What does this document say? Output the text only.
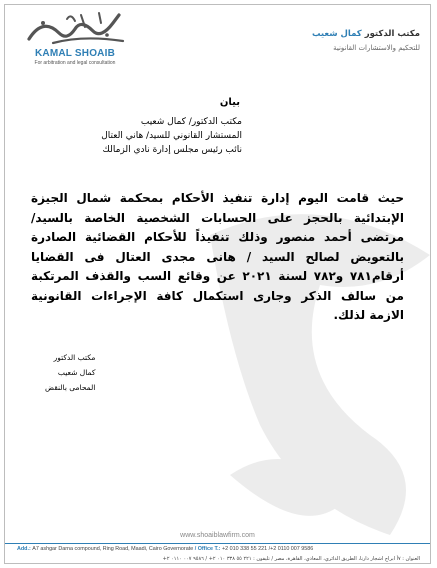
KAMAL SHOAIB
For arbitration and legal consultation
مكتب الدكتور كمال شعيب
للتحكيم والاستشارات القانونية
بيان
مكتب الدكتور/ كمال شعيب
المستشار القانوني للسيد/ هاني العتال
نائب رئيس مجلس إدارة نادي الزمالك
حيث قامت اليوم إدارة تنفيذ الأحكام بمحكمة شمال الجيزة الإبتدائية بالحجز على الحسابات الشخصية الخاصة بالسيد/ مرتضى أحمد منصور وذلك تنفيذاً للأحكام القضائية الصادرة بالتعويض لصالح السيد / هانى مجدى العتال فى القضايا أرقام٧٨١ و٧٨٢ لسنة ٢٠٢١ عن وقائع السب والقذف المرتكبة من سالف الذكر وجارى استكمال كافة الإجراءات القانونية الازمة لذلك.
مكتب الدكتور
كمال شعيب
المحامى بالنقض
www.shoaiblawfirm.com
Add.: A7 ashgar Darna compound, Ring Road, Maadi, Cairo Governorate / Office T.: +2 010 338 55 221 /+2 0110 007 9586
العنوان : ٧أ ابراج اشجار دارنا، الطريق الدائري، المعادي، القاهرة، مصر / تليفون : ٢٢١ ٥٥ ٣٣٨ ٠١٠ ٢+ / ٩٥٨٦ ٠٠٧ ٠١١٠ ٢+
